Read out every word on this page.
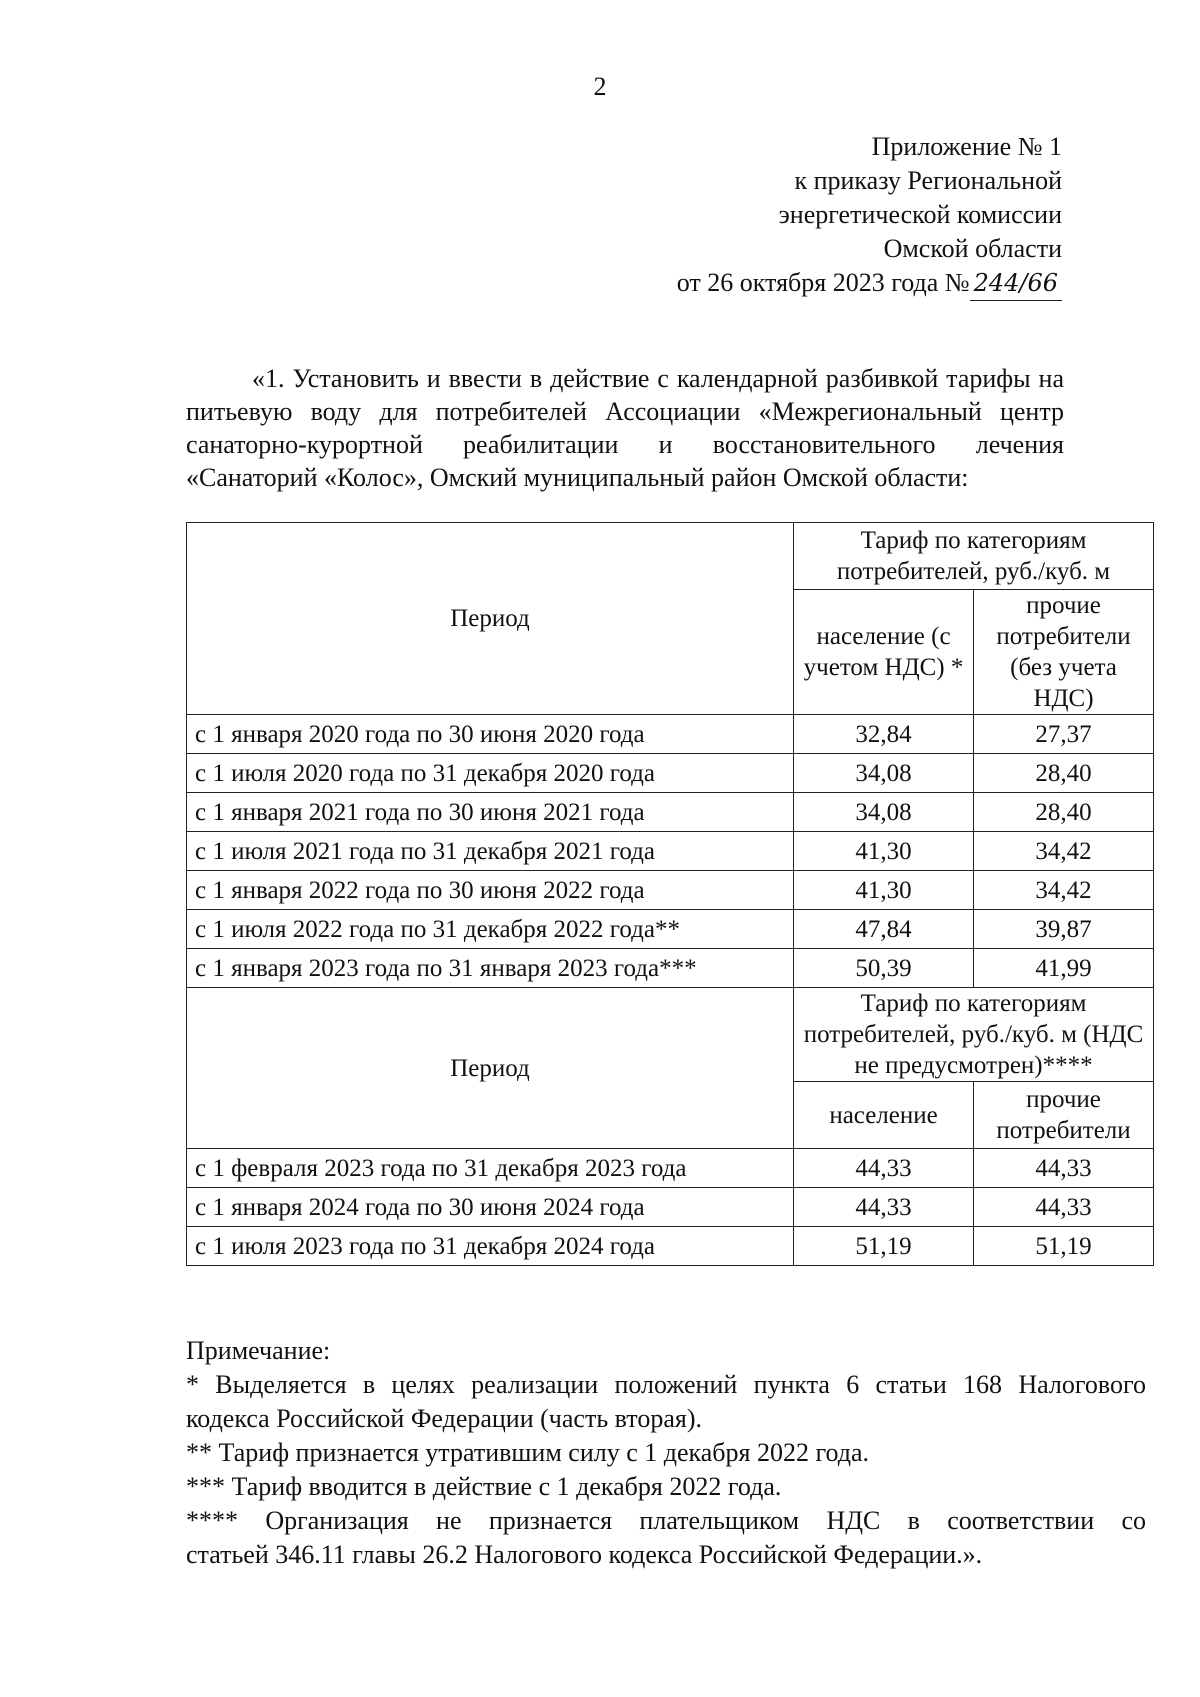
2
Приложение № 1
к приказу Региональной
энергетической комиссии
Омской области
от 26 октября 2023 года № 244/66
«1. Установить и ввести в действие с календарной разбивкой тарифы на
питьевую воду для потребителей Ассоциации «Межрегиональный центр
санаторно-курортной реабилитации и восстановительного лечения
«Санаторий «Колос», Омский муниципальный район Омской области:
Период	Тариф по категориям потребителей, руб./куб. м	
	население (с учетом НДС) *	прочие потребители (без учета НДС)
с 1 января 2020 года по 30 июня 2020 года	32,84	27,37
с 1 июля 2020 года по 31 декабря 2020 года	34,08	28,40
с 1 января 2021 года по 30 июня 2021 года	34,08	28,40
с 1 июля 2021 года по 31 декабря 2021 года	41,30	34,42
с 1 января 2022 года по 30 июня 2022 года	41,30	34,42
с 1 июля 2022 года по 31 декабря 2022 года**	47,84	39,87
с 1 января 2023 года по 31 января 2023 года***	50,39	41,99
Период	Тариф по категориям потребителей, руб./куб. м (НДС не предусмотрен)****	
	население	прочие потребители
с 1 февраля 2023 года по 31 декабря 2023 года	44,33	44,33
с 1 января 2024 года по 30 июня 2024 года	44,33	44,33
с 1 июля 2023 года по 31 декабря 2024 года	51,19	51,19
Примечание:
* Выделяется в целях реализации положений пункта 6 статьи 168 Налогового
кодекса Российской Федерации (часть вторая).
** Тариф признается утратившим силу с 1 декабря 2022 года.
*** Тариф вводится в действие с 1 декабря 2022 года.
**** Организация не признается плательщиком НДС в соответствии со
статьей 346.11 главы 26.2 Налогового кодекса Российской Федерации.».
